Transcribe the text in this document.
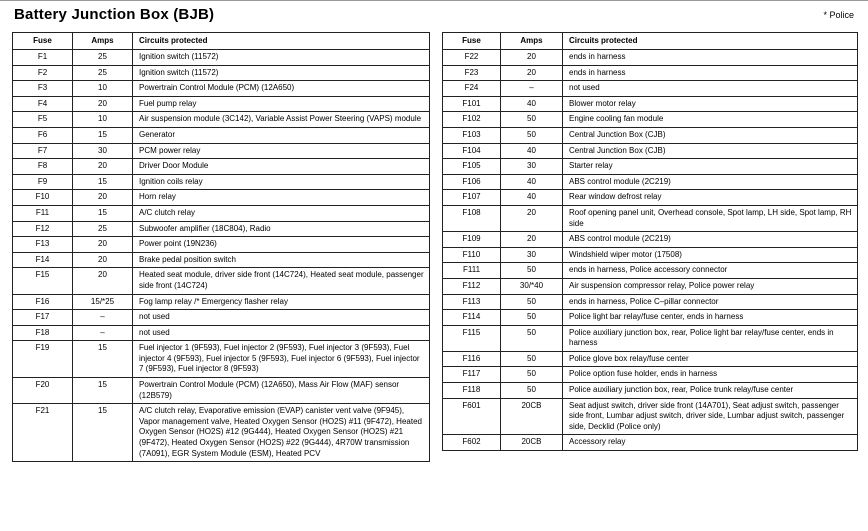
Battery Junction Box (BJB)	* Police
Fuse	Amps	Circuits protected
F1	25	Ignition switch (11572)
F2	25	Ignition switch (11572)
F3	10	Powertrain Control Module (PCM) (12A650)
F4	20	Fuel pump relay
F5	10	Air suspension module (3C142), Variable Assist Power Steering (VAPS) module
F6	15	Generator
F7	30	PCM power relay
F8	20	Driver Door Module
F9	15	Ignition coils relay
F10	20	Horn relay
F11	15	A/C clutch relay
F12	25	Subwoofer amplifier (18C804), Radio
F13	20	Power point (19N236)
F14	20	Brake pedal position switch
F15	20	Heated seat module, driver side front (14C724), Heated seat module, passenger side front (14C724)
F16	15/*25	Fog lamp relay /* Emergency flasher relay
F17	–	not used
F18	–	not used
F19	15	Fuel injector 1 (9F593), Fuel injector 2 (9F593), Fuel injector 3 (9F593), Fuel injector 4 (9F593), Fuel injector 5 (9F593), Fuel injector 6 (9F593), Fuel injector 7 (9F593), Fuel injector 8 (9F593)
F20	15	Powertrain Control Module (PCM) (12A650), Mass Air Flow (MAF) sensor (12B579)
F21	15	A/C clutch relay, Evaporative emission (EVAP) canister vent valve (9F945), Vapor management valve, Heated Oxygen Sensor (HO2S) #11 (9F472), Heated Oxygen Sensor (HO2S) #12 (9G444), Heated Oxygen Sensor (HO2S) #21 (9F472), Heated Oxygen Sensor (HO2S) #22 (9G444), 4R70W transmission (7A091), EGR System Module (ESM), Heated PCV
Fuse	Amps	Circuits protected
F22	20	ends in harness
F23	20	ends in harness
F24	–	not used
F101	40	Blower motor relay
F102	50	Engine cooling fan module
F103	50	Central Junction Box (CJB)
F104	40	Central Junction Box (CJB)
F105	30	Starter relay
F106	40	ABS control module (2C219)
F107	40	Rear window defrost relay
F108	20	Roof opening panel unit, Overhead console, Spot lamp, LH side, Spot lamp, RH side
F109	20	ABS control module (2C219)
F110	30	Windshield wiper motor (17508)
F111	50	ends in harness, Police accessory connector
F112	30/*40	Air suspension compressor relay, Police power relay
F113	50	ends in harness, Police C–pillar connector
F114	50	Police light bar relay/fuse center, ends in harness
F115	50	Police auxiliary junction box, rear, Police light bar relay/fuse center, ends in harness
F116	50	Police glove box relay/fuse center
F117	50	Police option fuse holder, ends in harness
F118	50	Police auxiliary junction box, rear, Police trunk relay/fuse center
F601	20CB	Seat adjust switch, driver side front (14A701), Seat adjust switch, passenger side front, Lumbar adjust switch, driver side, Lumbar adjust switch, passenger side, Decklid (Police only)
F602	20CB	Accessory relay
